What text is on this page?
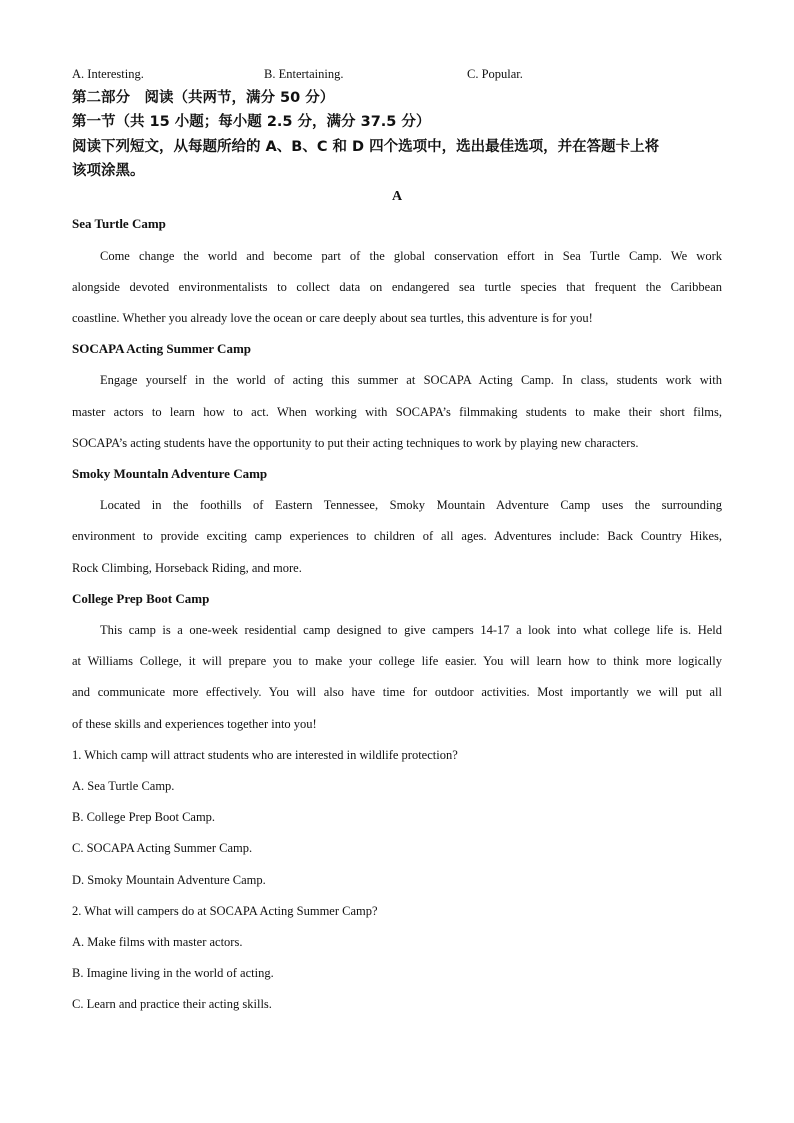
A. Interesting.	B. Entertaining.	C. Popular.
第二部分　阅读（共两节，满分 50 分）
第一节（共 15 小题；每小题 2.5 分，满分 37.5 分）
阅读下列短文，从每题所给的 A、B、C 和 D 四个选项中，选出最佳选项，并在答题卡上将
该项涂黑。
A
Sea Turtle Camp
Come change the world and become part of the global conservation effort in Sea Turtle Camp. We work
alongside devoted environmentalists to collect data on endangered sea turtle species that frequent the Caribbean
coastline. Whether you already love the ocean or care deeply about sea turtles, this adventure is for you!
SOCAPA Acting Summer Camp
Engage yourself in the world of acting this summer at SOCAPA Acting Camp. In class, students work with
master actors to learn how to act. When working with SOCAPA’s filmmaking students to make their short films,
SOCAPA’s acting students have the opportunity to put their acting techniques to work by playing new characters.
Smoky Mountaln Adventure Camp
Located in the foothills of Eastern Tennessee, Smoky Mountain Adventure Camp uses the surrounding
environment to provide exciting camp experiences to children of all ages. Adventures include: Back Country Hikes,
Rock Climbing, Horseback Riding, and more.
College Prep Boot Camp
This camp is a one-week residential camp designed to give campers 14-17 a look into what college life is. Held
at Williams College, it will prepare you to make your college life easier. You will learn how to think more logically
and communicate more effectively. You will also have time for outdoor activities. Most importantly we will put all
of these skills and experiences together into you!
1. Which camp will attract students who are interested in wildlife protection?
A. Sea Turtle Camp.
B. College Prep Boot Camp.
C. SOCAPA Acting Summer Camp.
D. Smoky Mountain Adventure Camp.
2. What will campers do at SOCAPA Acting Summer Camp?
A. Make films with master actors.
B. Imagine living in the world of acting.
C. Learn and practice their acting skills.
